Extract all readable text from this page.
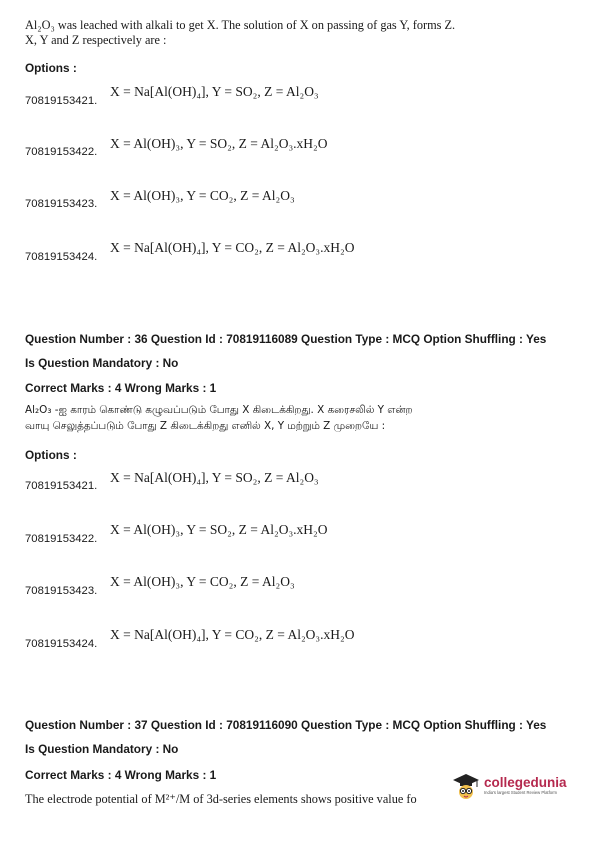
Al₂O₃ was leached with alkali to get X. The solution of X on passing of gas Y, forms Z.
X, Y and Z respectively are :
Options :
70819153421.
X = Na[Al(OH)₄], Y = SO₂, Z = Al₂O₃
70819153422.
X = Al(OH)₃, Y = SO₂, Z = Al₂O₃.xH₂O
70819153423.
X = Al(OH)₃, Y = CO₂, Z = Al₂O₃
70819153424.
X = Na[Al(OH)₄], Y = CO₂, Z = Al₂O₃.xH₂O
Question Number : 36 Question Id : 70819116089 Question Type : MCQ Option Shuffling : Yes
Is Question Mandatory : No
Correct Marks : 4 Wrong Marks : 1
Al₂O₃ -ஐ காரம் கொண்டு கழுவப்படும் போது X கிடைக்கிறது. X கரைசலில் Y என்ற
வாயு செலுத்தப்படும் போது Z கிடைக்கிறது எனில் X, Y மற்றும் Z முறையே :
Options :
70819153421.
X = Na[Al(OH)₄], Y = SO₂, Z = Al₂O₃
70819153422.
X = Al(OH)₃, Y = SO₂, Z = Al₂O₃.xH₂O
70819153423.
X = Al(OH)₃, Y = CO₂, Z = Al₂O₃
70819153424.
X = Na[Al(OH)₄], Y = CO₂, Z = Al₂O₃.xH₂O
Question Number : 37 Question Id : 70819116090 Question Type : MCQ Option Shuffling : Yes
Is Question Mandatory : No
Correct Marks : 4 Wrong Marks : 1
The electrode potential of M²⁺/M of 3d-series elements shows positive value fo
collegedunia
India's largest Student Review Platform
